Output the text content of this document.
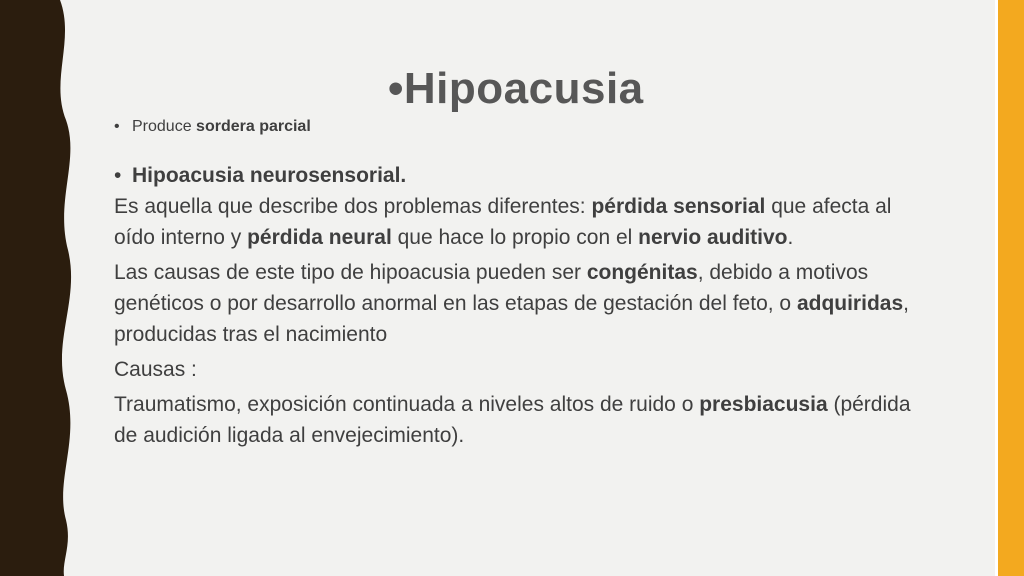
•Hipoacusia
• Produce sordera parcial
• Hipoacusia neurosensorial.

Es aquella que describe dos problemas diferentes: pérdida sensorial que afecta al oído interno y pérdida neural que hace lo propio con el nervio auditivo.

Las causas de este tipo de hipoacusia pueden ser congénitas, debido a motivos genéticos o por desarrollo anormal en las etapas de gestación del feto, o adquiridas, producidas tras el nacimiento

Causas :

Traumatismo, exposición continuada a niveles altos de ruido o presbiacusia (pérdida de audición ligada al envejecimiento).
